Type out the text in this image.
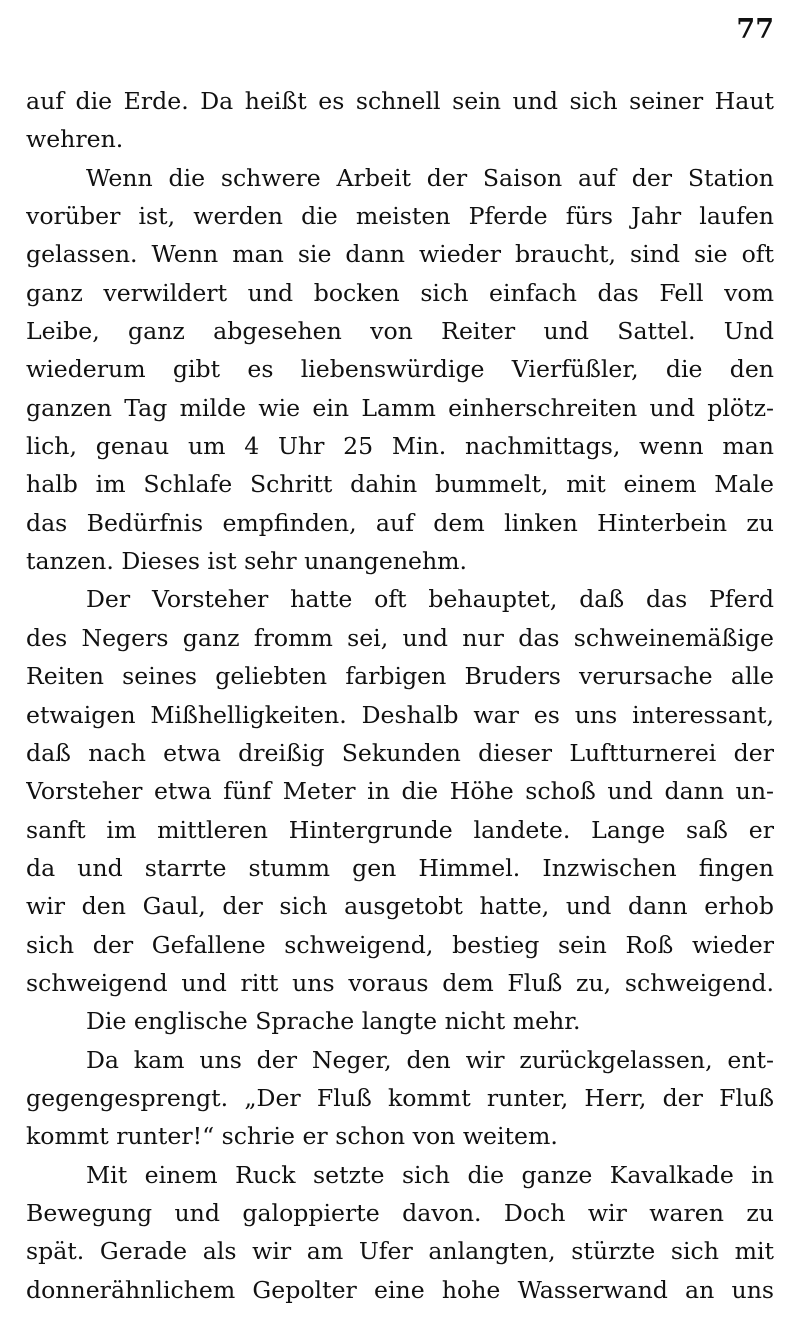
77
auf die Erde. Da heißt es schnell sein und sich seiner Haut
wehren.
Wenn die schwere Arbeit der Saison auf der Station
vorüber ist, werden die meisten Pferde fürs Jahr laufen
gelassen. Wenn man sie dann wieder braucht, sind sie oft
ganz verwildert und bocken sich einfach das Fell vom
Leibe, ganz abgesehen von Reiter und Sattel. Und
wiederum gibt es liebenswürdige Vierfüßler, die den
ganzen Tag milde wie ein Lamm einherschreiten und plötz-
lich, genau um 4 Uhr 25 Min. nachmittags, wenn man
halb im Schlafe Schritt dahin bummelt, mit einem Male
das Bedürfnis empfinden, auf dem linken Hinterbein zu
tanzen. Dieses ist sehr unangenehm.
Der Vorsteher hatte oft behauptet, daß das Pferd
des Negers ganz fromm sei, und nur das schweinemäßige
Reiten seines geliebten farbigen Bruders verursache alle
etwaigen Mißhelligkeiten. Deshalb war es uns interessant,
daß nach etwa dreißig Sekunden dieser Luftturnerei der
Vorsteher etwa fünf Meter in die Höhe schoß und dann un-
sanft im mittleren Hintergrunde landete. Lange saß er
da und starrte stumm gen Himmel. Inzwischen fingen
wir den Gaul, der sich ausgetobt hatte, und dann erhob
sich der Gefallene schweigend, bestieg sein Roß wieder
schweigend und ritt uns voraus dem Fluß zu, schweigend.
Die englische Sprache langte nicht mehr.
Da kam uns der Neger, den wir zurückgelassen, ent-
gegengesprengt. „Der Fluß kommt runter, Herr, der Fluß
kommt runter!“ schrie er schon von weitem.
Mit einem Ruck setzte sich die ganze Kavalkade in
Bewegung und galoppierte davon. Doch wir waren zu
spät. Gerade als wir am Ufer anlangten, stürzte sich mit
donnerähnlichem Gepolter eine hohe Wasserwand an uns
